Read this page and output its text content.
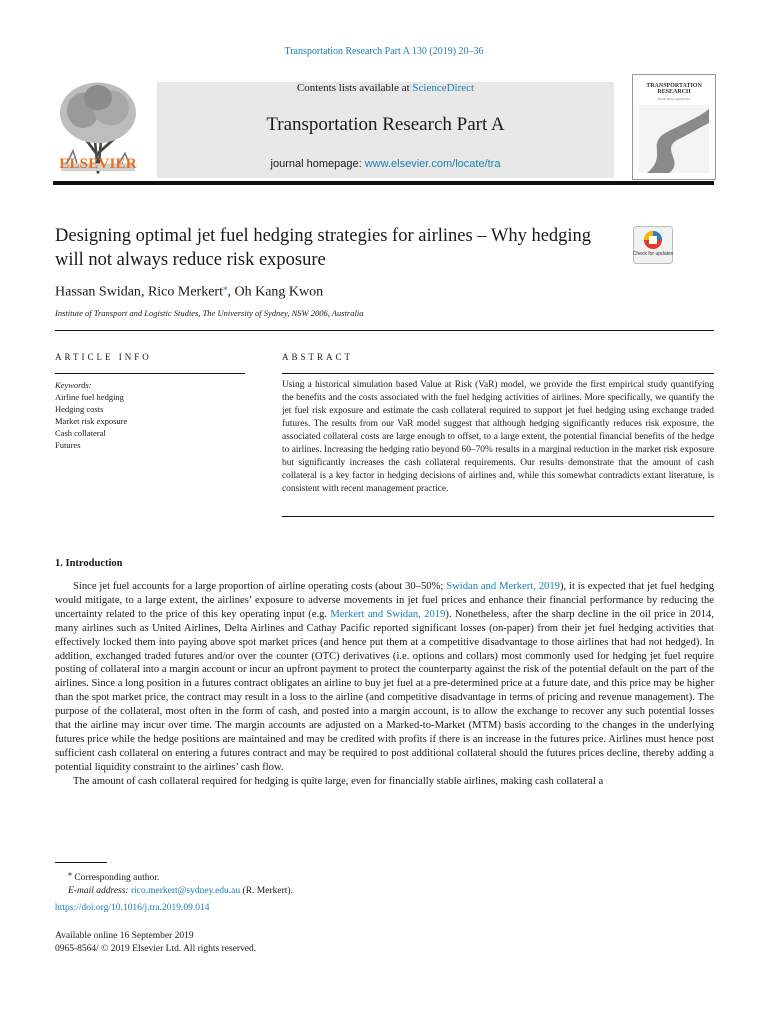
Transportation Research Part A 130 (2019) 20–36
ELSEVIER
Contents lists available at ScienceDirect
Transportation Research Part A
journal homepage: www.elsevier.com/locate/tra
TRANSPORTATION RESEARCH
Part A: Policy and Practice
Designing optimal jet fuel hedging strategies for airlines – Why hedging will not always reduce risk exposure	Check for updates
Hassan Swidan, Rico Merkert⁎, Oh Kang Kwon
Institute of Transport and Logistic Studies, The University of Sydney, NSW 2006, Australia
ARTICLE INFO	ABSTRACT
Keywords:
Airline fuel hedging
Hedging costs
Market risk exposure
Cash collateral
Futures
Using a historical simulation based Value at Risk (VaR) model, we provide the first empirical study quantifying the benefits and the costs associated with the fuel hedging activities of airlines. More specifically, we quantify the jet fuel risk exposure and estimate the cash collateral required to support jet fuel hedging using exchange traded futures. The results from our VaR model suggest that although hedging significantly reduces risk exposure, the associated collateral costs are large enough to offset, to a large extent, the potential financial benefits of the hedge to airlines. Increasing the hedging ratio beyond 60–70% results in a marginal reduction in the market risk exposure but significantly increases the cash collateral requirements. Our results demonstrate that the amount of cash collateral is a key factor in hedging decisions of airlines and, while this somewhat contradicts extant literature, is consistent with recent management practice.
1. Introduction

Since jet fuel accounts for a large proportion of airline operating costs (about 30–50%; Swidan and Merkert, 2019), it is expected that jet fuel hedging would mitigate, to a large extent, the airlines’ exposure to adverse movements in jet fuel prices and enhance their financial performance by reducing the uncertainty related to the price of this key operating input (e.g. Merkert and Swidan, 2019). Nonetheless, after the sharp decline in the oil price in 2014, many airlines such as United Airlines, Delta Airlines and Cathay Pacific reported significant losses (on-paper) from their jet fuel hedging activities that effectively locked them into paying above spot market prices (and hence put them at a competitive disadvantage to those airlines that had not hedged). In addition, exchanged traded futures and/or over the counter (OTC) derivatives (i.e. options and collars) most commonly used for hedging jet fuel require posting of collateral into a margin account or incur an upfront payment to protect the counterparty against the risk of the potential default on the part of the airlines. Since a long position in a futures contract obligates an airline to buy jet fuel at a pre-determined price at a future date, and this price may be higher than the spot market price, the contract may result in a loss to the airline (and competitive disadvantage in terms of pricing and revenue management). The purpose of the collateral, most often in the form of cash, and posted into a margin account, is to allow the exchange to recover any such potential losses that the airline may incur over time. The margin accounts are adjusted on a Marked-to-Market (MTM) basis according to the changes in the underlying futures price while the hedge positions are maintained and may be credited with profits if there is an increase in the futures price. Airlines must hence post sufficient cash collateral on entering a futures contract and may be required to post additional collateral should the futures prices decline, thereby adding a potential liquidity constraint to the airlines’ cash flow.

The amount of cash collateral required for hedging is quite large, even for financially stable airlines, making cash collateral a

⁎ Corresponding author.
E-mail address: rico.merkert@sydney.edu.au (R. Merkert).
https://doi.org/10.1016/j.tra.2019.09.014
Available online 16 September 2019
0965-8564/ © 2019 Elsevier Ltd. All rights reserved.
